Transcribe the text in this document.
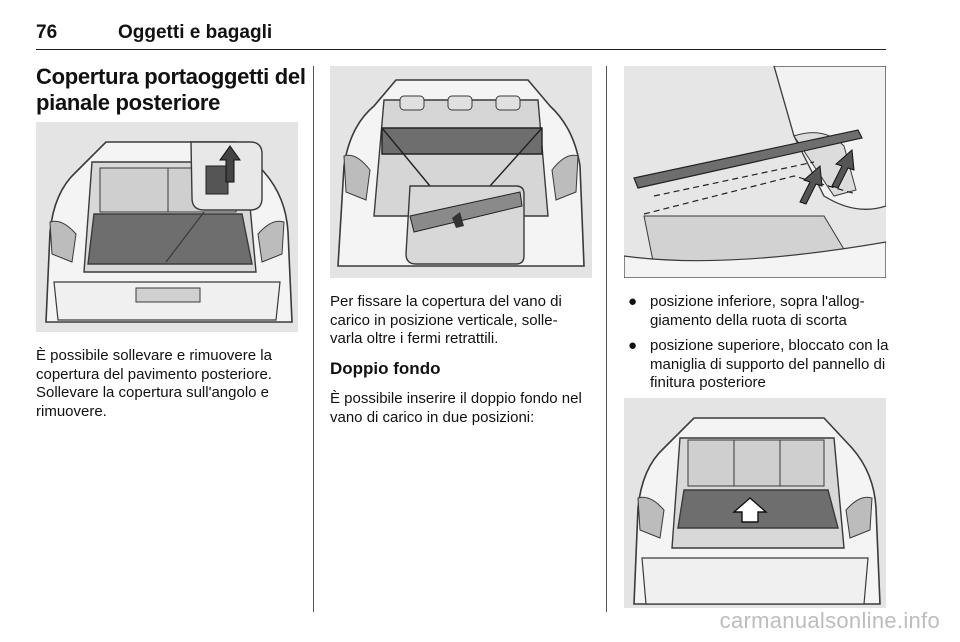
76	Oggetti e bagagli
Copertura portaoggetti del pianale posteriore
È possibile sollevare e rimuovere la copertura del pavimento posteriore. Sollevare la copertura sull'angolo e rimuovere.
Per fissare la copertura del vano di carico in posizione verticale, solle- varla oltre i fermi retrattili.
Doppio fondo
È possibile inserire il doppio fondo nel vano di carico in due posizioni:
● posizione inferiore, sopra l'allog- giamento della ruota di scorta
● posizione superiore, bloccato con la maniglia di supporto del pannello di finitura posteriore
carmanualsonline.info
